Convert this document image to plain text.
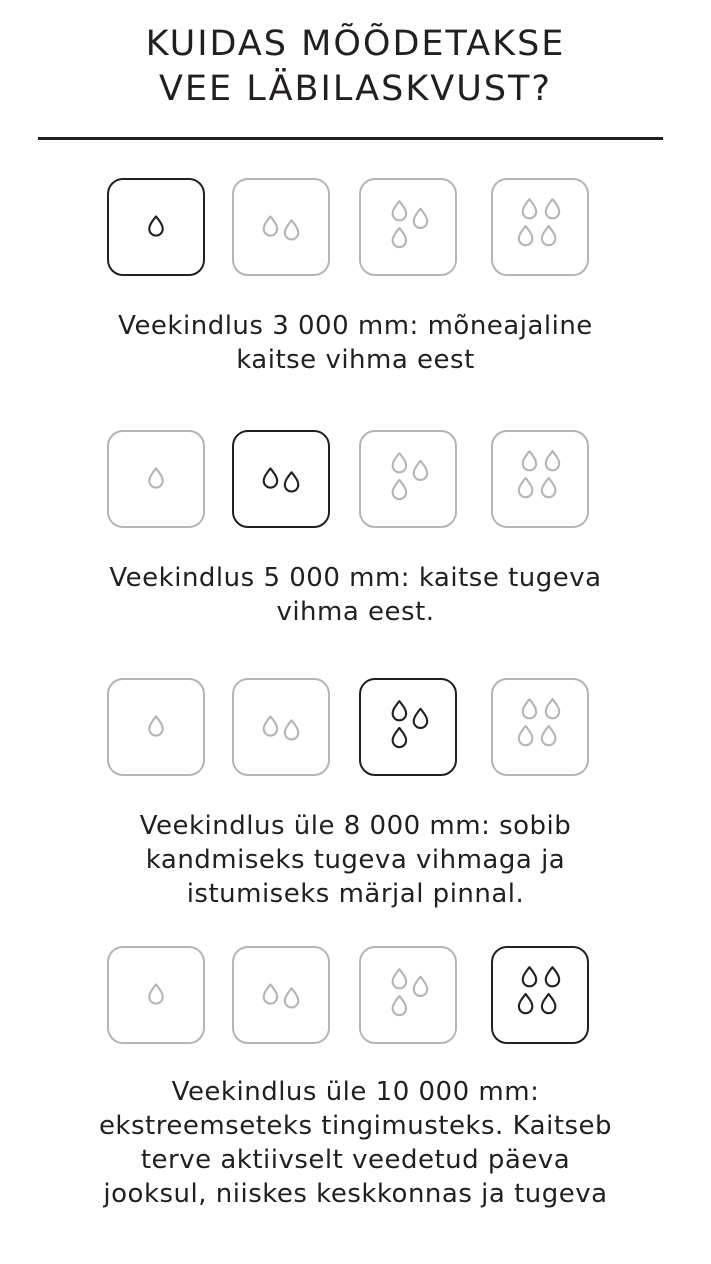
KUIDAS MÕÕDETAKSE
VEE LÄBILASKVUST?

Veekindlus 3 000 mm: mõneajaline
kaitse vihma eest

Veekindlus 5 000 mm: kaitse tugeva
vihma eest.

Veekindlus üle 8 000 mm: sobib
kandmiseks tugeva vihmaga ja
istumiseks märjal pinnal.

Veekindlus üle 10 000 mm:
ekstreemseteks tingimusteks. Kaitseb
terve aktiivselt veedetud päeva
jooksul, niiskes keskkonnas ja tugeva
